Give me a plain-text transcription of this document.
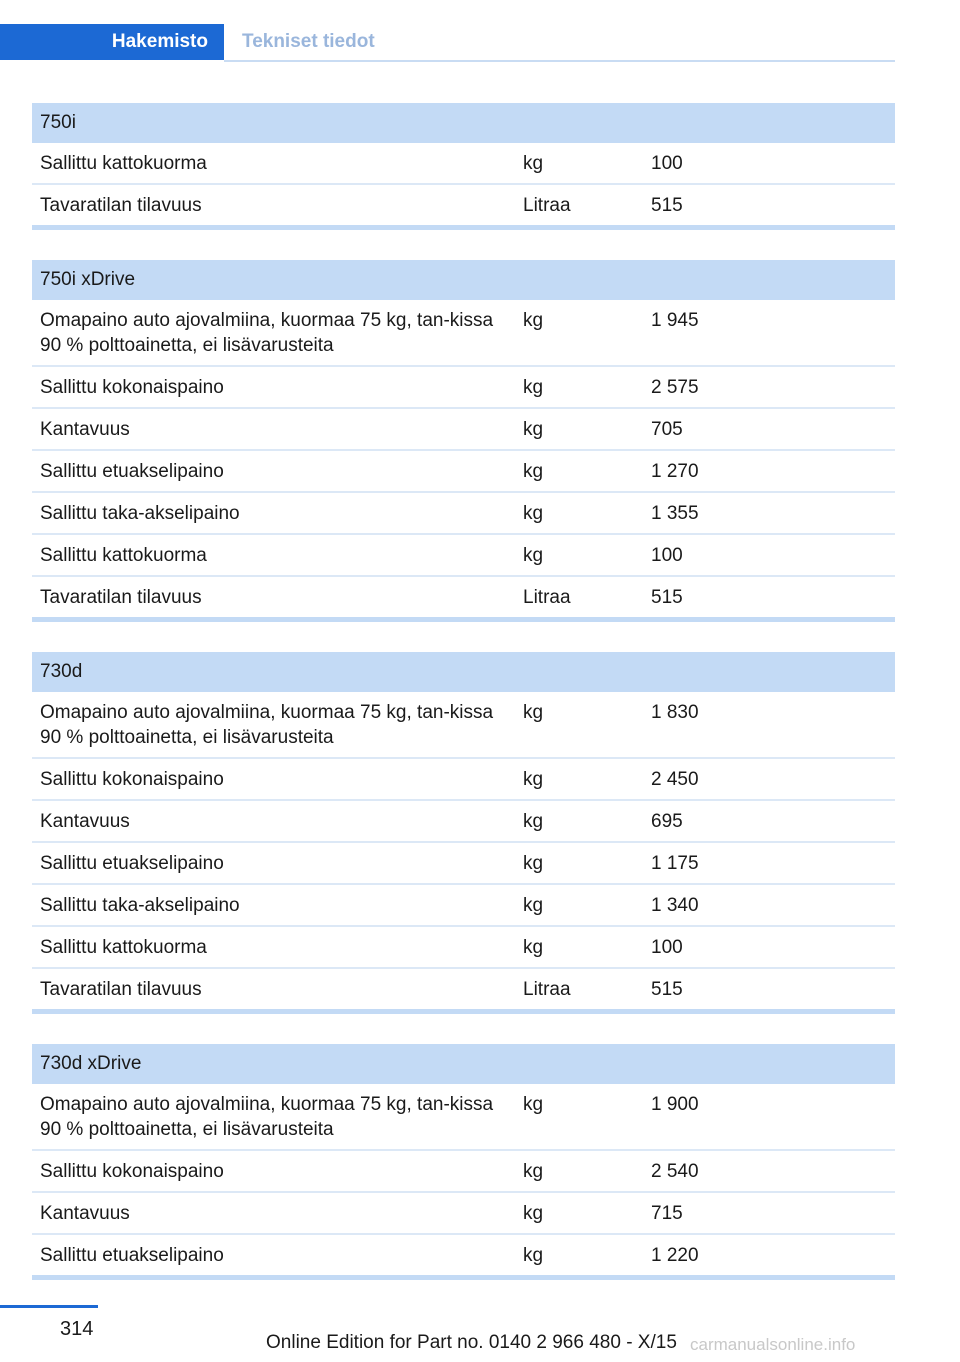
Hakemisto	Tekniset tiedot
750i		
Sallittu kattokuorma	kg	100
Tavaratilan tilavuus	Litraa	515
750i xDrive		
Omapaino auto ajovalmiina, kuormaa 75 kg, tan-kissa 90 % polttoainetta, ei lisävarusteita	kg	1 945
Sallittu kokonaispaino	kg	2 575
Kantavuus	kg	705
Sallittu etuakselipaino	kg	1 270
Sallittu taka-akselipaino	kg	1 355
Sallittu kattokuorma	kg	100
Tavaratilan tilavuus	Litraa	515
730d		
Omapaino auto ajovalmiina, kuormaa 75 kg, tan-kissa 90 % polttoainetta, ei lisävarusteita	kg	1 830
Sallittu kokonaispaino	kg	2 450
Kantavuus	kg	695
Sallittu etuakselipaino	kg	1 175
Sallittu taka-akselipaino	kg	1 340
Sallittu kattokuorma	kg	100
Tavaratilan tilavuus	Litraa	515
730d xDrive		
Omapaino auto ajovalmiina, kuormaa 75 kg, tan-kissa 90 % polttoainetta, ei lisävarusteita	kg	1 900
Sallittu kokonaispaino	kg	2 540
Kantavuus	kg	715
Sallittu etuakselipaino	kg	1 220
314
Online Edition for Part no. 0140 2 966 480 - X/15 carmanualsonline.info
